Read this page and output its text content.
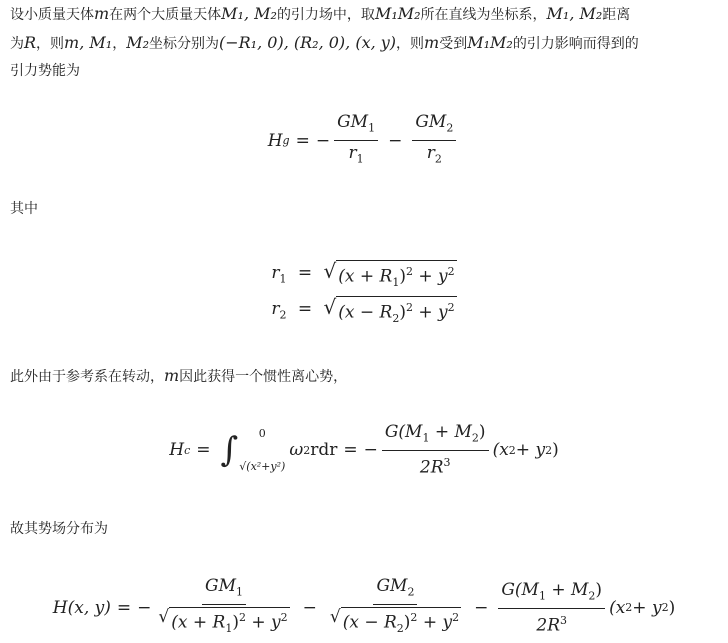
设小质量天体m在两个大质量天体M₁, M₂的引力场中，取M₁M₂所在直线为坐标系，M₁, M₂距离
为R，则m, M₁，M₂坐标分别为(−R₁, 0), (R₂, 0), (x, y)，则m受到M₁M₂的引力影响而得到的
引力势能为
H g = − $\frac{GM_1}{r_1} - \frac{GM_2}{r_2}$
其中
$r_1$ = √ $(x + R_1)^2 + y^2$
$r_2$ = √ $(x - R_2)^2 + y^2$
此外由于参考系在转动，m因此获得一个惯性离心势，
H c = ∫	0
√(x²+y²)
ω 2 rdr = − $\frac{G(M_1 + M_2)}{2R^3} (x$ 2 + y 2 )
故其势场分布为
H(x, y) = − $\frac{GM_1}{√ (x + R_1)^2 + y^2} - \frac{GM_2}{√ (x - R_2)^2 + y^2} - \frac{G(M_1 + M_2)}{2R^3} (x$ 2 + y 2 )
